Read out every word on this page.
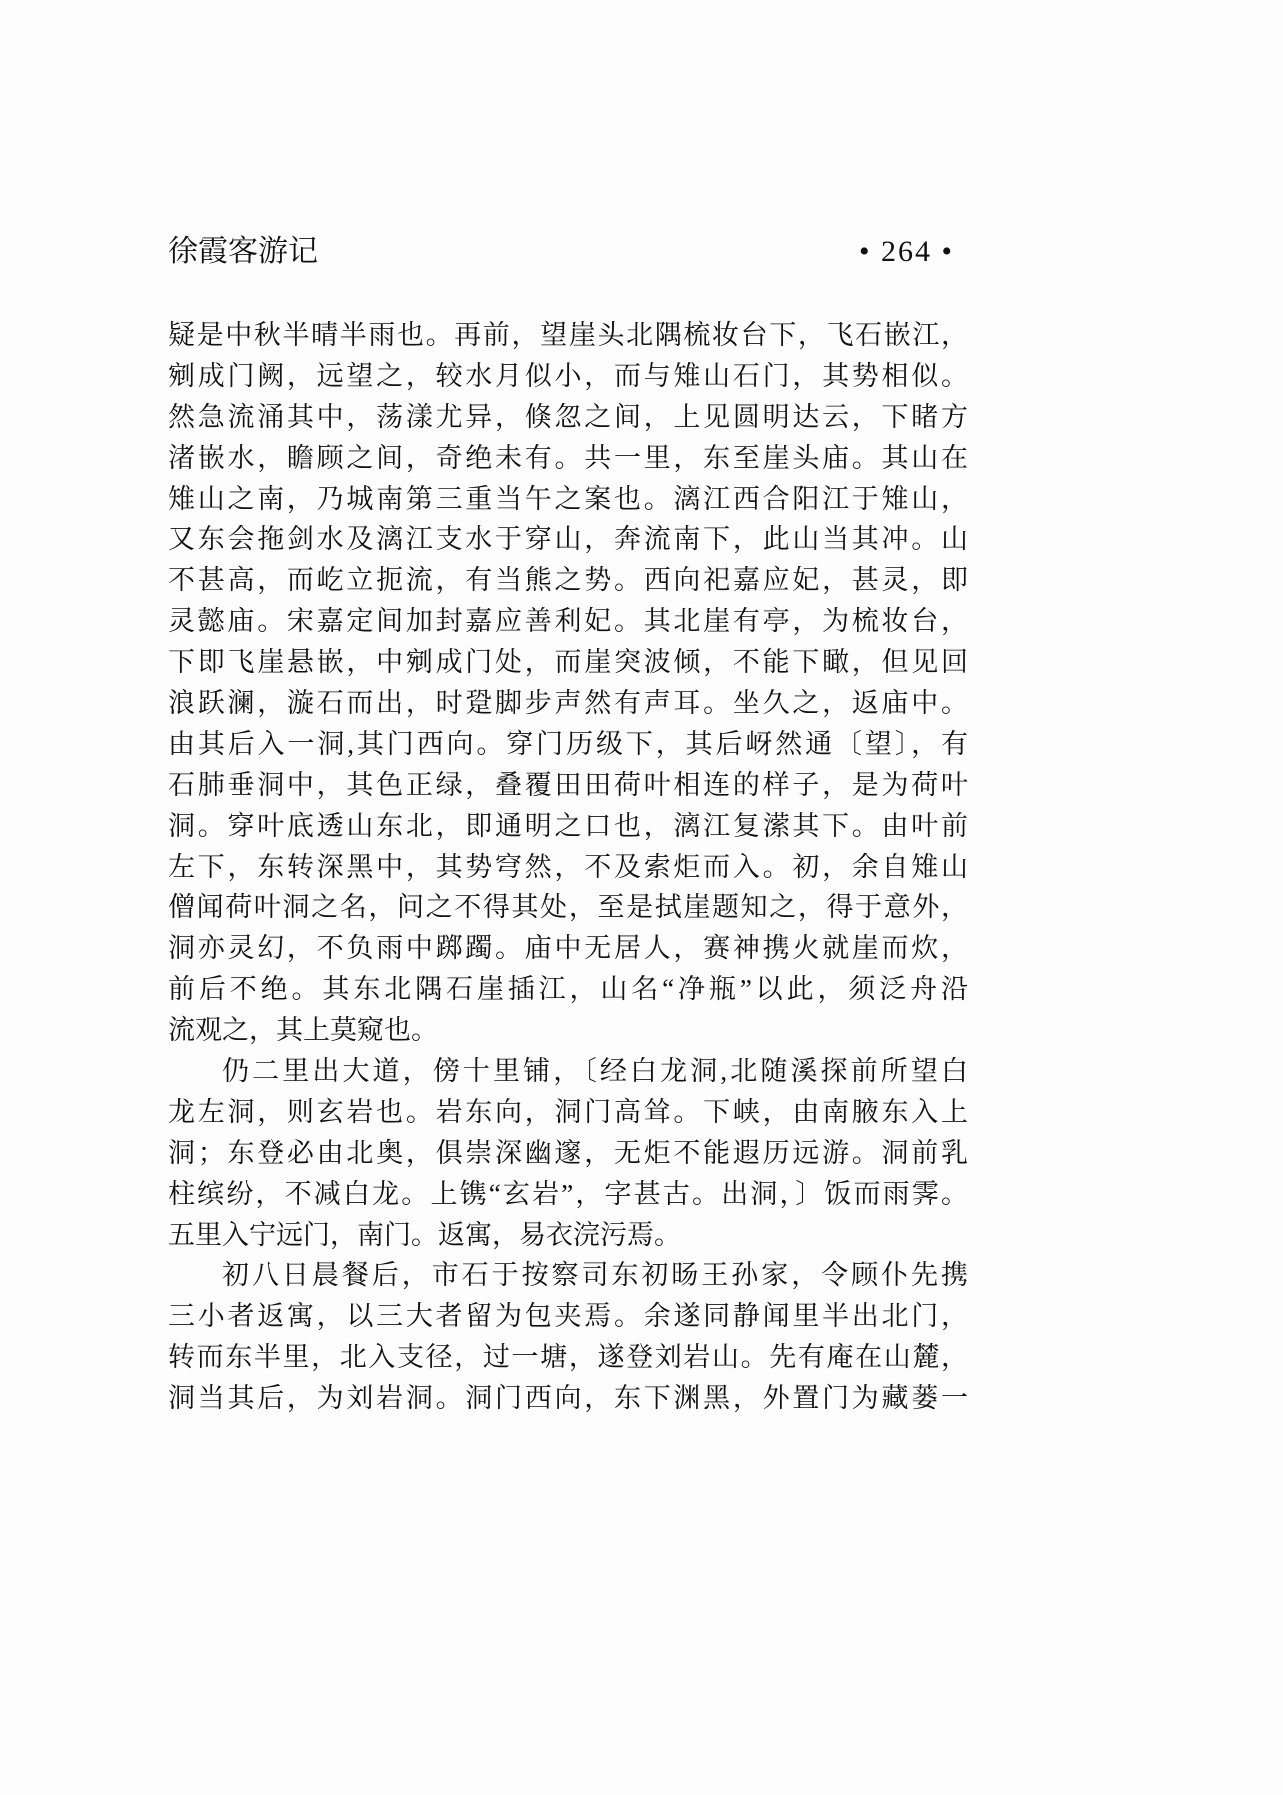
徐霞客游记	• 264 •
疑是中秋半晴半雨也。再前，望崖头北隅梳妆台下，飞石嵌江，
剜成门阙，远望之，较水月似小，而与雉山石门，其势相似。
然急流涌其中，荡漾尤异，倏忽之间，上见圆明达云，下睹方
渚嵌水，瞻顾之间，奇绝未有。共一里，东至崖头庙。其山在
雉山之南，乃城南第三重当午之案也。漓江西合阳江于雉山，
又东会拖剑水及漓江支水于穿山，奔流南下，此山当其冲。山
不甚高，而屹立扼流，有当熊之势。西向祀嘉应妃，甚灵，即
灵懿庙。宋嘉定间加封嘉应善利妃。其北崖有亭，为梳妆台，
下即飞崖悬嵌，中剜成门处，而崖突波倾，不能下瞰，但见回
浪跃澜，漩石而出，时跫脚步声然有声耳。坐久之，返庙中。
由其后入一洞,其门西向。穿门历级下，其后岈然通〔望〕，有
石肺垂洞中，其色正绿，叠覆田田荷叶相连的样子，是为荷叶
洞。穿叶底透山东北，即通明之口也，漓江复潆其下。由叶前
左下，东转深黑中，其势穹然，不及索炬而入。初，余自雉山
僧闻荷叶洞之名，问之不得其处，至是拭崖题知之，得于意外，
洞亦灵幻，不负雨中踯躅。庙中无居人，赛神携火就崖而炊，
前后不绝。其东北隅石崖插江，山名“净瓶”以此，须泛舟沿
流观之，其上莫窥也。
仍二里出大道，傍十里铺，〔经白龙洞,北随溪探前所望白
龙左洞，则玄岩也。岩东向，洞门高耸。下峡，由南腋东入上
洞；东登必由北奥，俱崇深幽邃，无炬不能遐历远游。洞前乳
柱缤纷，不减白龙。上镌“玄岩”，字甚古。出洞，〕饭而雨霁。
五里入宁远门，南门。返寓，易衣浣污焉。
初八日晨餐后，市石于按察司东初旸王孙家，令顾仆先携
三小者返寓，以三大者留为包夹焉。余遂同静闻里半出北门，
转而东半里，北入支径，过一塘，遂登刘岩山。先有庵在山麓，
洞当其后，为刘岩洞。洞门西向，东下渊黑，外置门为藏蒌一
